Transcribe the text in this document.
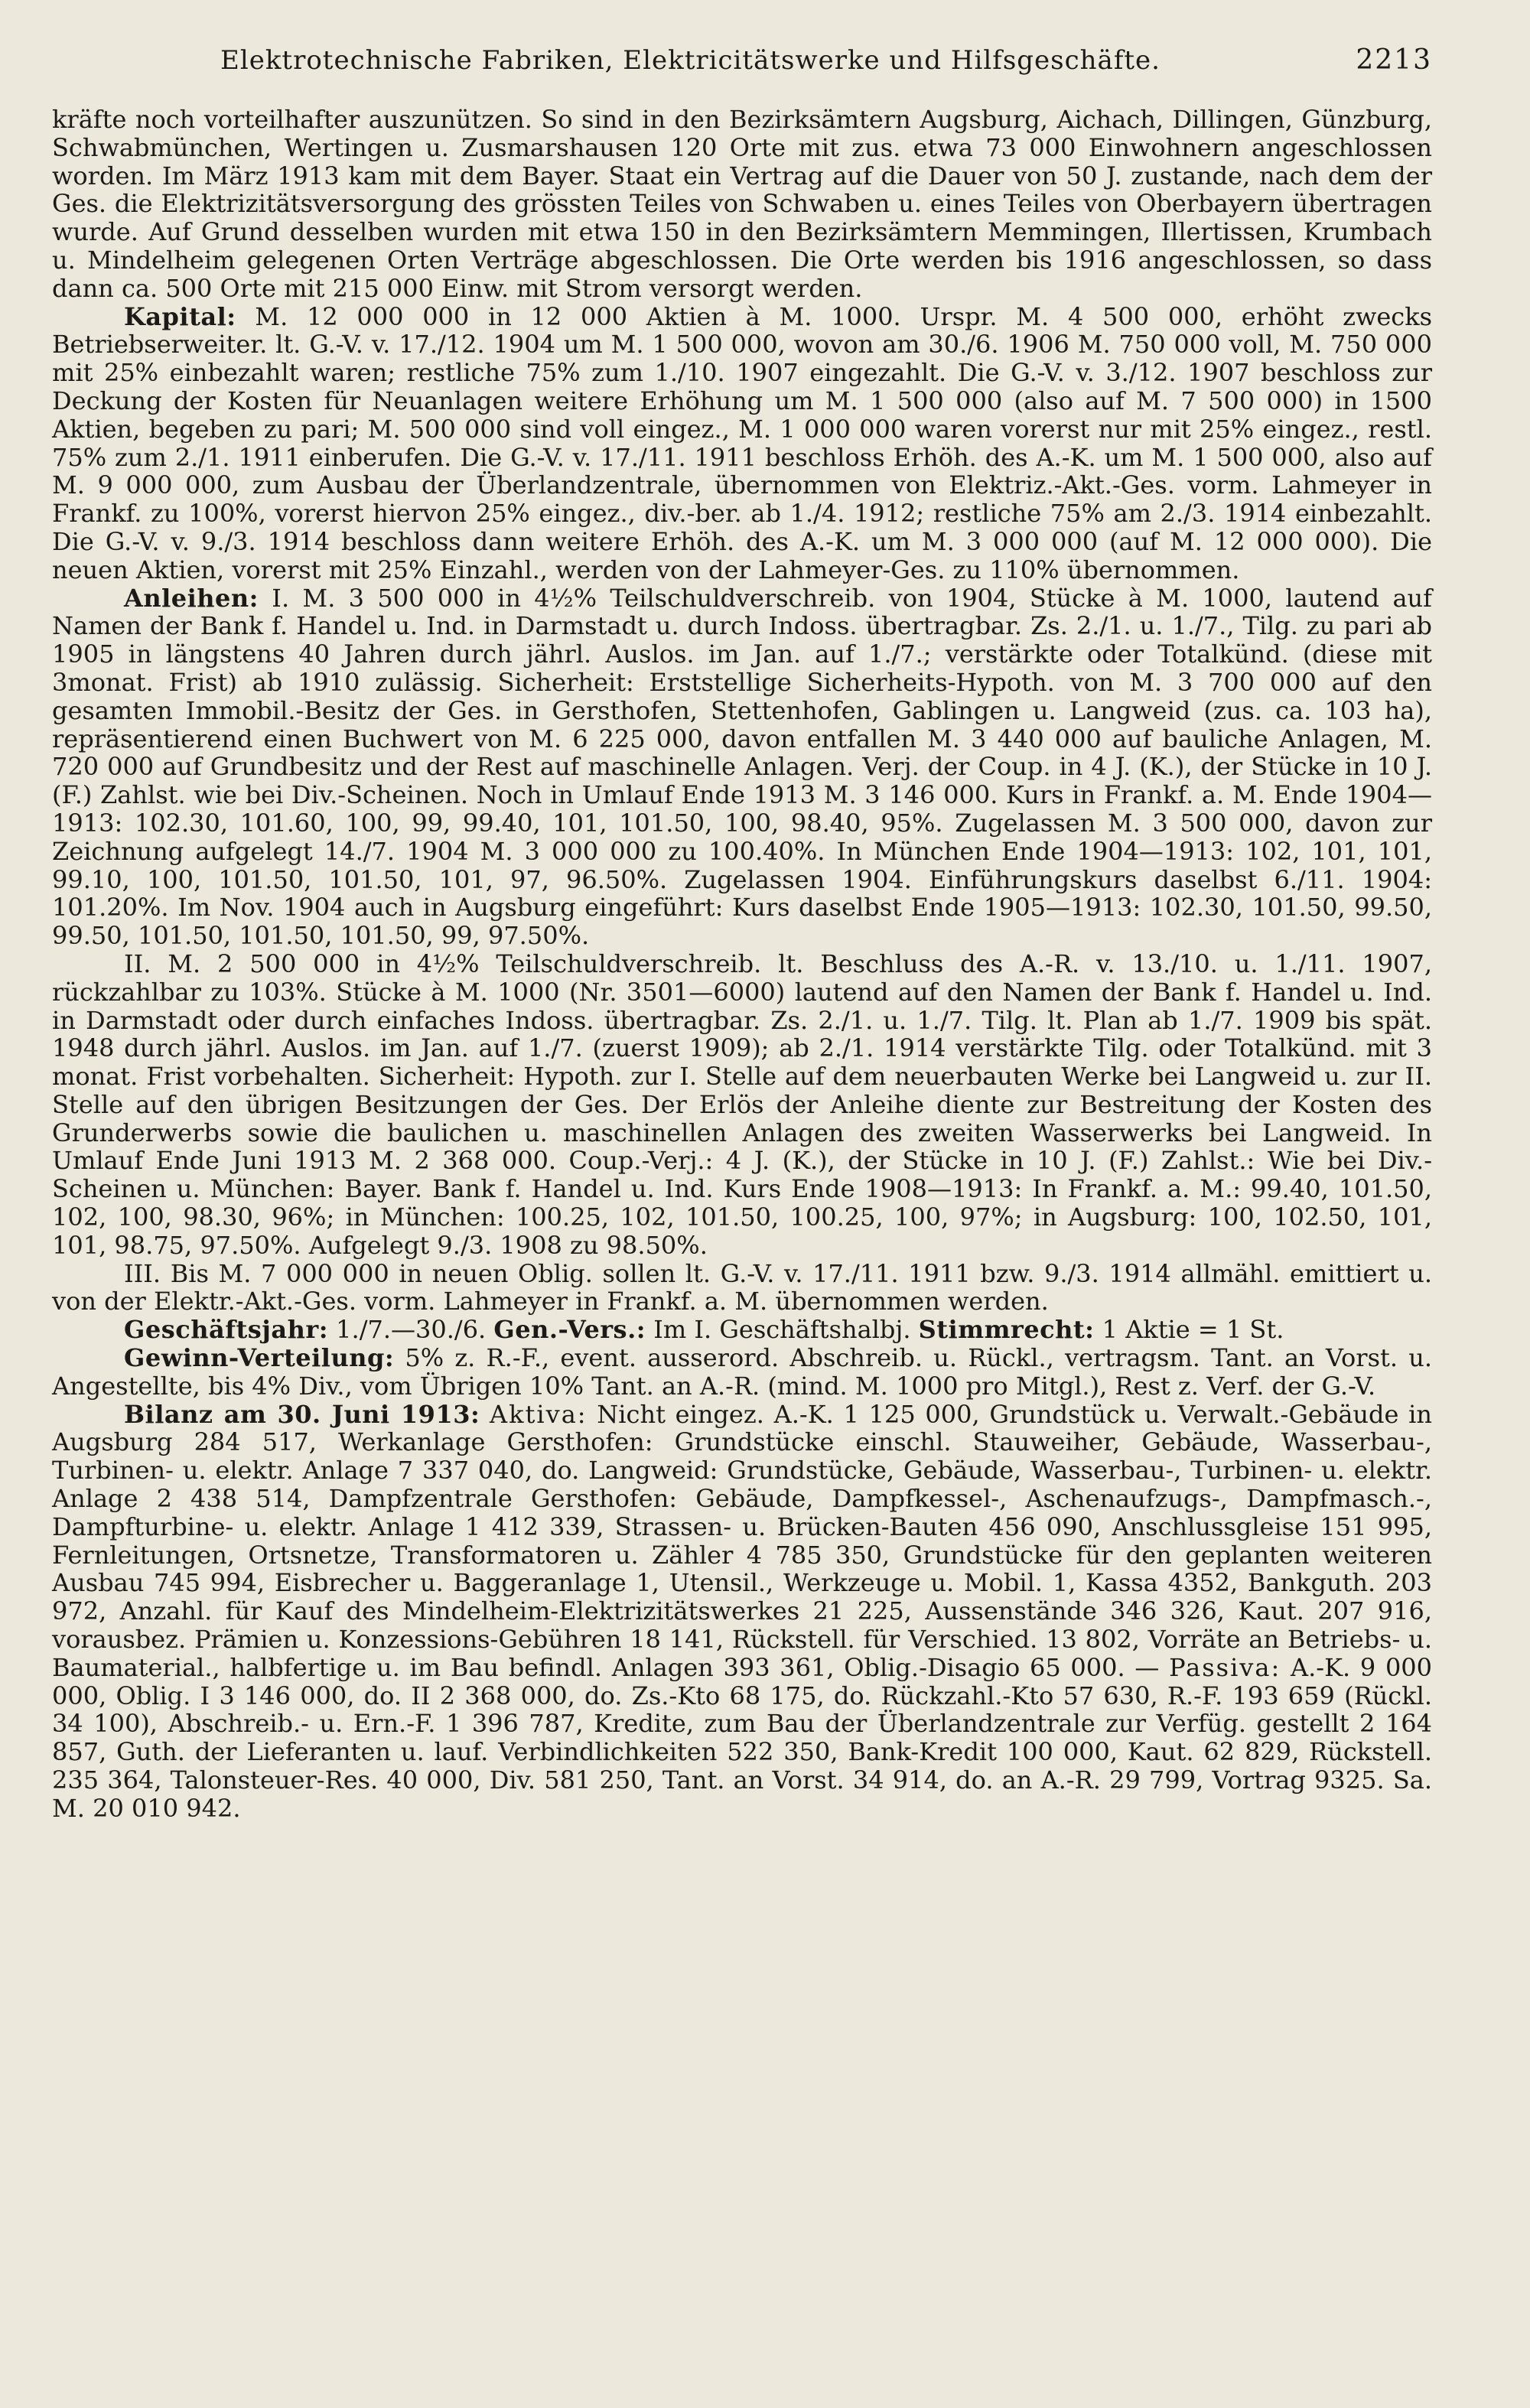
Elektrotechnische Fabriken, Elektricitätswerke und Hilfsgeschäfte.	2213

kräfte noch vorteilhafter auszunützen. So sind in den Bezirksämtern Augsburg, Aichach, Dillingen, Günzburg, Schwabmünchen, Wertingen u. Zusmarshausen 120 Orte mit zus. etwa 73 000 Einwohnern angeschlossen worden. Im März 1913 kam mit dem Bayer. Staat ein Vertrag auf die Dauer von 50 J. zustande, nach dem der Ges. die Elektrizitätsversorgung des grössten Teiles von Schwaben u. eines Teiles von Oberbayern übertragen wurde. Auf Grund desselben wurden mit etwa 150 in den Bezirksämtern Memmingen, Illertissen, Krumbach u. Mindelheim gelegenen Orten Verträge abgeschlossen. Die Orte werden bis 1916 angeschlossen, so dass dann ca. 500 Orte mit 215 000 Einw. mit Strom versorgt werden.

Kapital: M. 12 000 000 in 12 000 Aktien à M. 1000. Urspr. M. 4 500 000, erhöht zwecks Betriebserweiter. lt. G.-V. v. 17./12. 1904 um M. 1 500 000, wovon am 30./6. 1906 M. 750 000 voll, M. 750 000 mit 25% einbezahlt waren; restliche 75% zum 1./10. 1907 eingezahlt. Die G.-V. v. 3./12. 1907 beschloss zur Deckung der Kosten für Neuanlagen weitere Erhöhung um M. 1 500 000 (also auf M. 7 500 000) in 1500 Aktien, begeben zu pari; M. 500 000 sind voll eingez., M. 1 000 000 waren vorerst nur mit 25% eingez., restl. 75% zum 2./1. 1911 einberufen. Die G.-V. v. 17./11. 1911 beschloss Erhöh. des A.-K. um M. 1 500 000, also auf M. 9 000 000, zum Ausbau der Überlandzentrale, übernommen von Elektriz.-Akt.-Ges. vorm. Lahmeyer in Frankf. zu 100%, vorerst hiervon 25% eingez., div.-ber. ab 1./4. 1912; restliche 75% am 2./3. 1914 einbezahlt. Die G.-V. v. 9./3. 1914 beschloss dann weitere Erhöh. des A.-K. um M. 3 000 000 (auf M. 12 000 000). Die neuen Aktien, vorerst mit 25% Einzahl., werden von der Lahmeyer-Ges. zu 110% übernommen.

Anleihen: I. M. 3 500 000 in 4½% Teilschuldverschreib. von 1904, Stücke à M. 1000, lautend auf Namen der Bank f. Handel u. Ind. in Darmstadt u. durch Indoss. übertragbar. Zs. 2./1. u. 1./7., Tilg. zu pari ab 1905 in längstens 40 Jahren durch jährl. Auslos. im Jan. auf 1./7.; verstärkte oder Totalkünd. (diese mit 3monat. Frist) ab 1910 zulässig. Sicherheit: Erststellige Sicherheits-Hypoth. von M. 3 700 000 auf den gesamten Immobil.-Besitz der Ges. in Gersthofen, Stettenhofen, Gablingen u. Langweid (zus. ca. 103 ha), repräsentierend einen Buchwert von M. 6 225 000, davon entfallen M. 3 440 000 auf bauliche Anlagen, M. 720 000 auf Grundbesitz und der Rest auf maschinelle Anlagen. Verj. der Coup. in 4 J. (K.), der Stücke in 10 J. (F.) Zahlst. wie bei Div.-Scheinen. Noch in Umlauf Ende 1913 M. 3 146 000. Kurs in Frankf. a. M. Ende 1904—1913: 102.30, 101.60, 100, 99, 99.40, 101, 101.50, 100, 98.40, 95%. Zugelassen M. 3 500 000, davon zur Zeichnung aufgelegt 14./7. 1904 M. 3 000 000 zu 100.40%. In München Ende 1904—1913: 102, 101, 101, 99.10, 100, 101.50, 101.50, 101, 97, 96.50%. Zugelassen 1904. Einführungskurs daselbst 6./11. 1904: 101.20%. Im Nov. 1904 auch in Augsburg eingeführt: Kurs daselbst Ende 1905—1913: 102.30, 101.50, 99.50, 99.50, 101.50, 101.50, 101.50, 99, 97.50%.

II. M. 2 500 000 in 4½% Teilschuldverschreib. lt. Beschluss des A.-R. v. 13./10. u. 1./11. 1907, rückzahlbar zu 103%. Stücke à M. 1000 (Nr. 3501—6000) lautend auf den Namen der Bank f. Handel u. Ind. in Darmstadt oder durch einfaches Indoss. übertragbar. Zs. 2./1. u. 1./7. Tilg. lt. Plan ab 1./7. 1909 bis spät. 1948 durch jährl. Auslos. im Jan. auf 1./7. (zuerst 1909); ab 2./1. 1914 verstärkte Tilg. oder Totalkünd. mit 3 monat. Frist vorbehalten. Sicherheit: Hypoth. zur I. Stelle auf dem neuerbauten Werke bei Langweid u. zur II. Stelle auf den übrigen Besitzungen der Ges. Der Erlös der Anleihe diente zur Bestreitung der Kosten des Grunderwerbs sowie die baulichen u. maschinellen Anlagen des zweiten Wasserwerks bei Langweid. In Umlauf Ende Juni 1913 M. 2 368 000. Coup.-Verj.: 4 J. (K.), der Stücke in 10 J. (F.) Zahlst.: Wie bei Div.-Scheinen u. München: Bayer. Bank f. Handel u. Ind. Kurs Ende 1908—1913: In Frankf. a. M.: 99.40, 101.50, 102, 100, 98.30, 96%; in München: 100.25, 102, 101.50, 100.25, 100, 97%; in Augsburg: 100, 102.50, 101, 101, 98.75, 97.50%. Aufgelegt 9./3. 1908 zu 98.50%.

III. Bis M. 7 000 000 in neuen Oblig. sollen lt. G.-V. v. 17./11. 1911 bzw. 9./3. 1914 allmähl. emittiert u. von der Elektr.-Akt.-Ges. vorm. Lahmeyer in Frankf. a. M. übernommen werden.

Geschäftsjahr: 1./7.—30./6. Gen.-Vers.: Im I. Geschäftshalbj. Stimmrecht: 1 Aktie = 1 St.

Gewinn-Verteilung: 5% z. R.-F., event. ausserord. Abschreib. u. Rückl., vertragsm. Tant. an Vorst. u. Angestellte, bis 4% Div., vom Übrigen 10% Tant. an A.-R. (mind. M. 1000 pro Mitgl.), Rest z. Verf. der G.-V.

Bilanz am 30. Juni 1913: Aktiva: Nicht eingez. A.-K. 1 125 000, Grundstück u. Verwalt.-Gebäude in Augsburg 284 517, Werkanlage Gersthofen: Grundstücke einschl. Stauweiher, Gebäude, Wasserbau-, Turbinen- u. elektr. Anlage 7 337 040, do. Langweid: Grundstücke, Gebäude, Wasserbau-, Turbinen- u. elektr. Anlage 2 438 514, Dampfzentrale Gersthofen: Gebäude, Dampfkessel-, Aschenaufzugs-, Dampfmasch.-, Dampfturbine- u. elektr. Anlage 1 412 339, Strassen- u. Brücken-Bauten 456 090, Anschlussgleise 151 995, Fernleitungen, Ortsnetze, Transformatoren u. Zähler 4 785 350, Grundstücke für den geplanten weiteren Ausbau 745 994, Eisbrecher u. Baggeranlage 1, Utensil., Werkzeuge u. Mobil. 1, Kassa 4352, Bankguth. 203 972, Anzahl. für Kauf des Mindelheim-Elektrizitätswerkes 21 225, Aussenstände 346 326, Kaut. 207 916, vorausbez. Prämien u. Konzessions-Gebühren 18 141, Rückstell. für Verschied. 13 802, Vorräte an Betriebs- u. Baumaterial., halbfertige u. im Bau befindl. Anlagen 393 361, Oblig.-Disagio 65 000. — Passiva: A.-K. 9 000 000, Oblig. I 3 146 000, do. II 2 368 000, do. Zs.-Kto 68 175, do. Rückzahl.-Kto 57 630, R.-F. 193 659 (Rückl. 34 100), Abschreib.- u. Ern.-F. 1 396 787, Kredite, zum Bau der Überlandzentrale zur Verfüg. gestellt 2 164 857, Guth. der Lieferanten u. lauf. Verbindlichkeiten 522 350, Bank-Kredit 100 000, Kaut. 62 829, Rückstell. 235 364, Talonsteuer-Res. 40 000, Div. 581 250, Tant. an Vorst. 34 914, do. an A.-R. 29 799, Vortrag 9325. Sa. M. 20 010 942.
